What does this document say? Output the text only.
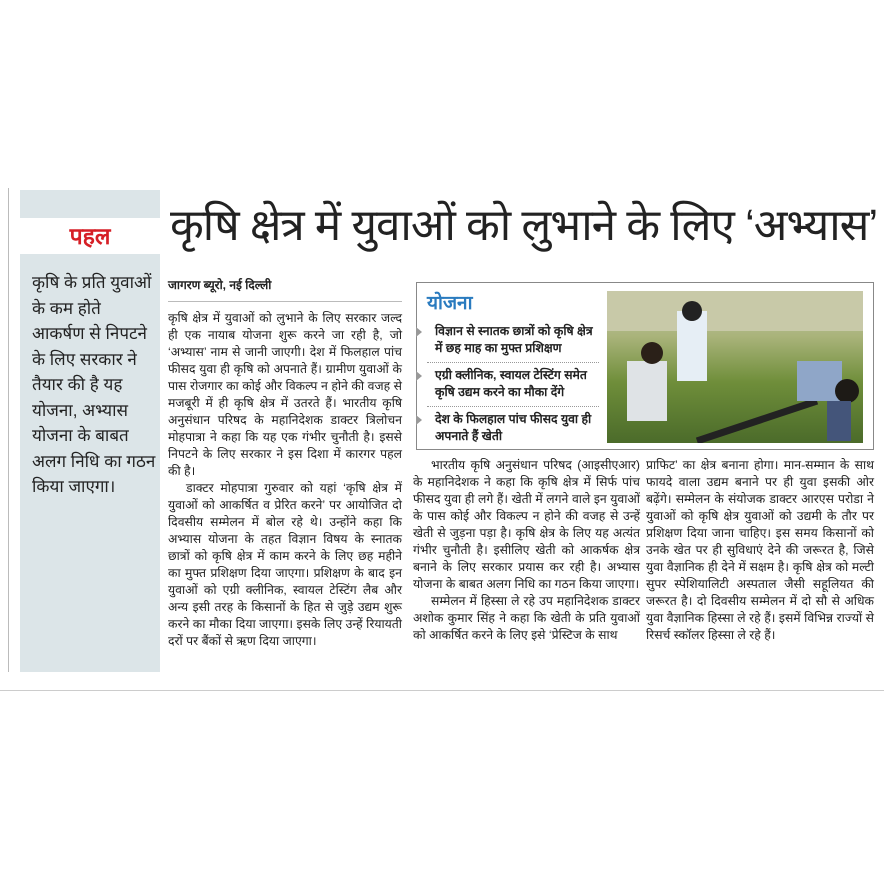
पहल
कृषि के प्रति युवाओं के कम होते आकर्षण से निपटने के लिए सरकार ने तैयार की है यह योजना, अभ्यास योजना के बाबत अलग निधि का गठन किया जाएगा।
कृषि क्षेत्र में युवाओं को लुभाने के लिए ‘अभ्यास’
जागरण ब्यूरो, नई दिल्ली

कृषि क्षेत्र में युवाओं को लुभाने के लिए सरकार जल्द ही एक नायाब योजना शुरू करने जा रही है, जो ‘अभ्यास’ नाम से जानी जाएगी। देश में फिलहाल पांच फीसद युवा ही कृषि को अपनाते हैं। ग्रामीण युवाओं के पास रोजगार का कोई और विकल्प न होने की वजह से मजबूरी में ही कृषि क्षेत्र में उतरते हैं। भारतीय कृषि अनुसंधान परिषद के महानिदेशक डाक्टर त्रिलोचन मोहपात्रा ने कहा कि यह एक गंभीर चुनौती है। इससे निपटने के लिए सरकार ने इस दिशा में कारगर पहल की है।

डाक्टर मोहपात्रा गुरुवार को यहां ‘कृषि क्षेत्र में युवाओं को आकर्षित व प्रेरित करने’ पर आयोजित दो दिवसीय सम्मेलन में बोल रहे थे। उन्होंने कहा कि अभ्यास योजना के तहत विज्ञान विषय के स्नातक छात्रों को कृषि क्षेत्र में काम करने के लिए छह महीने का मुफ्त प्रशिक्षण दिया जाएगा। प्रशिक्षण के बाद इन युवाओं को एग्री क्लीनिक, स्वायल टेस्टिंग लैब और अन्य इसी तरह के किसानों के हित से जुड़े उद्यम शुरू करने का मौका दिया जाएगा। इसके लिए उन्हें रियायती दरों पर बैंकों से ऋण दिया जाएगा।

योजना
विज्ञान से स्नातक छात्रों को कृषि क्षेत्र में छह माह का मुफ्त प्रशिक्षण
एग्री क्लीनिक, स्वायल टेस्टिंग समेत कृषि उद्यम करने का मौका देंगे
देश के फिलहाल पांच फीसद युवा ही अपनाते हैं खेती

भारतीय कृषि अनुसंधान परिषद (आइसीएआर) के महानिदेशक ने कहा कि कृषि क्षेत्र में सिर्फ पांच फीसद युवा ही लगे हैं। खेती में लगने वाले इन युवाओं के पास कोई और विकल्प न होने की वजह से उन्हें खेती से जुड़ना पड़ा है। कृषि क्षेत्र के लिए यह अत्यंत गंभीर चुनौती है। इसीलिए खेती को आकर्षक क्षेत्र बनाने के लिए सरकार प्रयास कर रही है। अभ्यास योजना के बाबत अलग निधि का गठन किया जाएगा।

सम्मेलन में हिस्सा ले रहे उप महानिदेशक डाक्टर अशोक कुमार सिंह ने कहा कि खेती के प्रति युवाओं को आकर्षित करने के लिए इसे ‘प्रेस्टिज के साथ

प्राफिट’ का क्षेत्र बनाना होगा। मान-सम्मान के साथ फायदे वाला उद्यम बनाने पर ही युवा इसकी ओर बढ़ेंगे। सम्मेलन के संयोजक डाक्टर आरएस परोडा ने युवाओं को कृषि क्षेत्र युवाओं को उद्यमी के तौर पर प्रशिक्षण दिया जाना चाहिए। इस समय किसानों को उनके खेत पर ही सुविधाएं देने की जरूरत है, जिसे युवा वैज्ञानिक ही देने में सक्षम है। कृषि क्षेत्र को मल्टी सुपर स्पेशियालिटी अस्पताल जैसी सहूलियत की जरूरत है। दो दिवसीय सम्मेलन में दो सौ से अधिक युवा वैज्ञानिक हिस्सा ले रहे हैं। इसमें विभिन्न राज्यों से रिसर्च स्कॉलर हिस्सा ले रहे हैं।
